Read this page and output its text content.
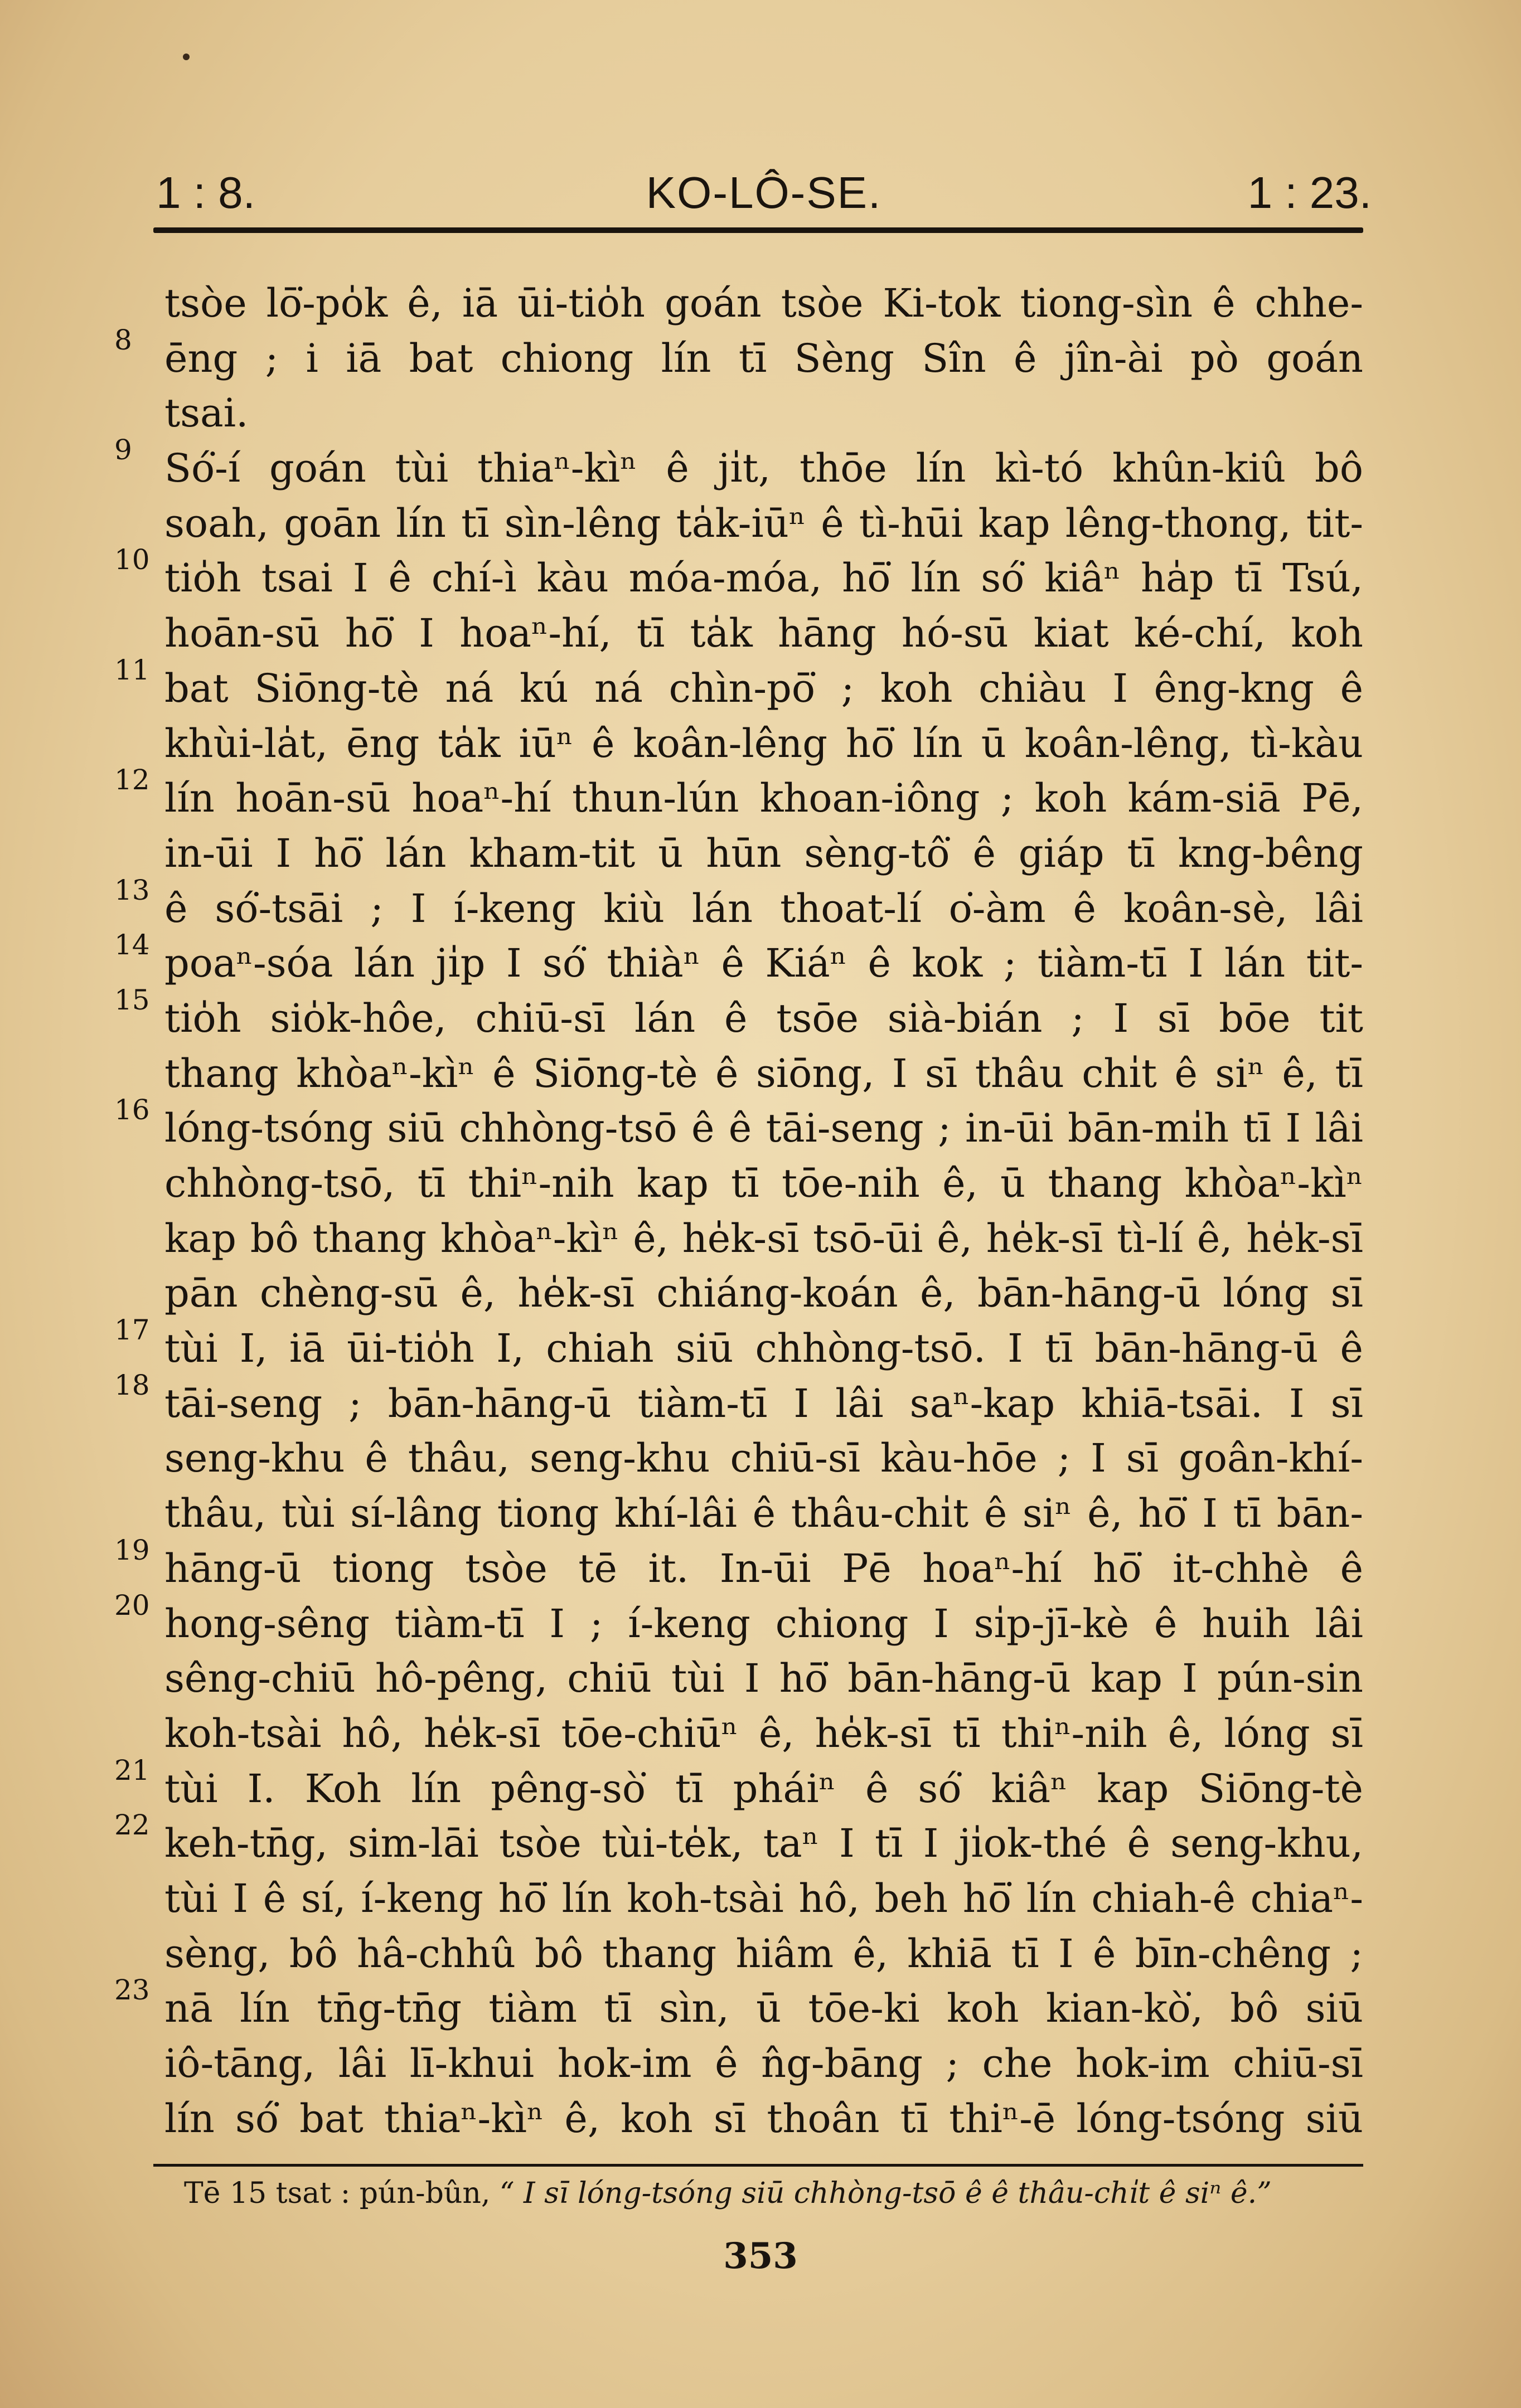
1 : 8.	KO-LÔ-SE.	1 : 23.
tsòe lō͘-po̍k ê, iā ūi-tio̍h goán tsòe Ki-tok tiong-sìn ê chhe-
8 ēng ; i iā bat chiong lín tī Sèng Sîn ê jîn-ài pò goán
tsai.
9 Só͘-í goán tùi thiaⁿ-kìⁿ ê ji̍t, thōe lín kì-tó khûn-kiû bô
soah, goān lín tī sìn-lêng ta̍k-iūⁿ ê tì-hūi kap lêng-thong, tit-
10 tio̍h tsai I ê chí-ì kàu móa-móa, hō͘ lín só͘ kiâⁿ ha̍p tī Tsú,
hoān-sū hō͘ I hoaⁿ-hí, tī ta̍k hāng hó-sū kiat ké-chí, koh
11 bat Siōng-tè ná kú ná chìn-pō͘ ; koh chiàu I êng-kng ê
khùi-la̍t, ēng ta̍k iūⁿ ê koân-lêng hō͘ lín ū koân-lêng, tì-kàu
12 lín hoān-sū hoaⁿ-hí thun-lún khoan-iông ; koh kám-siā Pē,
in-ūi I hō͘ lán kham-tit ū hūn sèng-tô͘ ê giáp tī kng-bêng
13 ê só͘-tsāi ; I í-keng kiù lán thoat-lí o͘-àm ê koân-sè, lâi
14 poaⁿ-sóa lán ji̍p I só͘ thiàⁿ ê Kiáⁿ ê kok ; tiàm-tī I lán tit-
15 tio̍h sio̍k-hôe, chiū-sī lán ê tsōe sià-bián ; I sī bōe tit
thang khòaⁿ-kìⁿ ê Siōng-tè ê siōng, I sī thâu chi̍t ê siⁿ ê, tī
16 lóng-tsóng siū chhòng-tsō ê ê tāi-seng ; in-ūi bān-mi̍h tī I lâi
chhòng-tsō, tī thiⁿ-nih kap tī tōe-nih ê, ū thang khòaⁿ-kìⁿ
kap bô thang khòaⁿ-kìⁿ ê, he̍k-sī tsō-ūi ê, he̍k-sī tì-lí ê, he̍k-sī
pān chèng-sū ê, he̍k-sī chiáng-koán ê, bān-hāng-ū lóng sī
17 tùi I, iā ūi-tio̍h I, chiah siū chhòng-tsō. I tī bān-hāng-ū ê
18 tāi-seng ; bān-hāng-ū tiàm-tī I lâi saⁿ-kap khiā-tsāi. I sī
seng-khu ê thâu, seng-khu chiū-sī kàu-hōe ; I sī goân-khí-
thâu, tùi sí-lâng tiong khí-lâi ê thâu-chi̍t ê siⁿ ê, hō͘ I tī bān-
19 hāng-ū tiong tsòe tē it. In-ūi Pē hoaⁿ-hí hō͘ it-chhè ê
20 hong-sêng tiàm-tī I ; í-keng chiong I si̍p-jī-kè ê huih lâi
sêng-chiū hô-pêng, chiū tùi I hō͘ bān-hāng-ū kap I pún-sin
koh-tsài hô, he̍k-sī tōe-chiūⁿ ê, he̍k-sī tī thiⁿ-nih ê, lóng sī
21 tùi I. Koh lín pêng-sò͘ tī pháiⁿ ê só͘ kiâⁿ kap Siōng-tè
22 keh-tn̄g, sim-lāi tsòe tùi-te̍k, taⁿ I tī I ji̍ok-thé ê seng-khu,
tùi I ê sí, í-keng hō͘ lín koh-tsài hô, beh hō͘ lín chiah-ê chiaⁿ-
sèng, bô hâ-chhû bô thang hiâm ê, khiā tī I ê bīn-chêng ;
23 nā lín tn̄g-tn̄g tiàm tī sìn, ū tōe-ki koh kian-kò͘, bô siū
iô-tāng, lâi lī-khui hok-im ê n̂g-bāng ; che hok-im chiū-sī
lín só͘ bat thiaⁿ-kìⁿ ê, koh sī thoân tī thiⁿ-ē lóng-tsóng siū
Tē 15 tsat : pún-bûn, “ I sī lóng-tsóng siū chhòng-tsō ê ê thâu-chi̍t ê siⁿ ê.”
353
